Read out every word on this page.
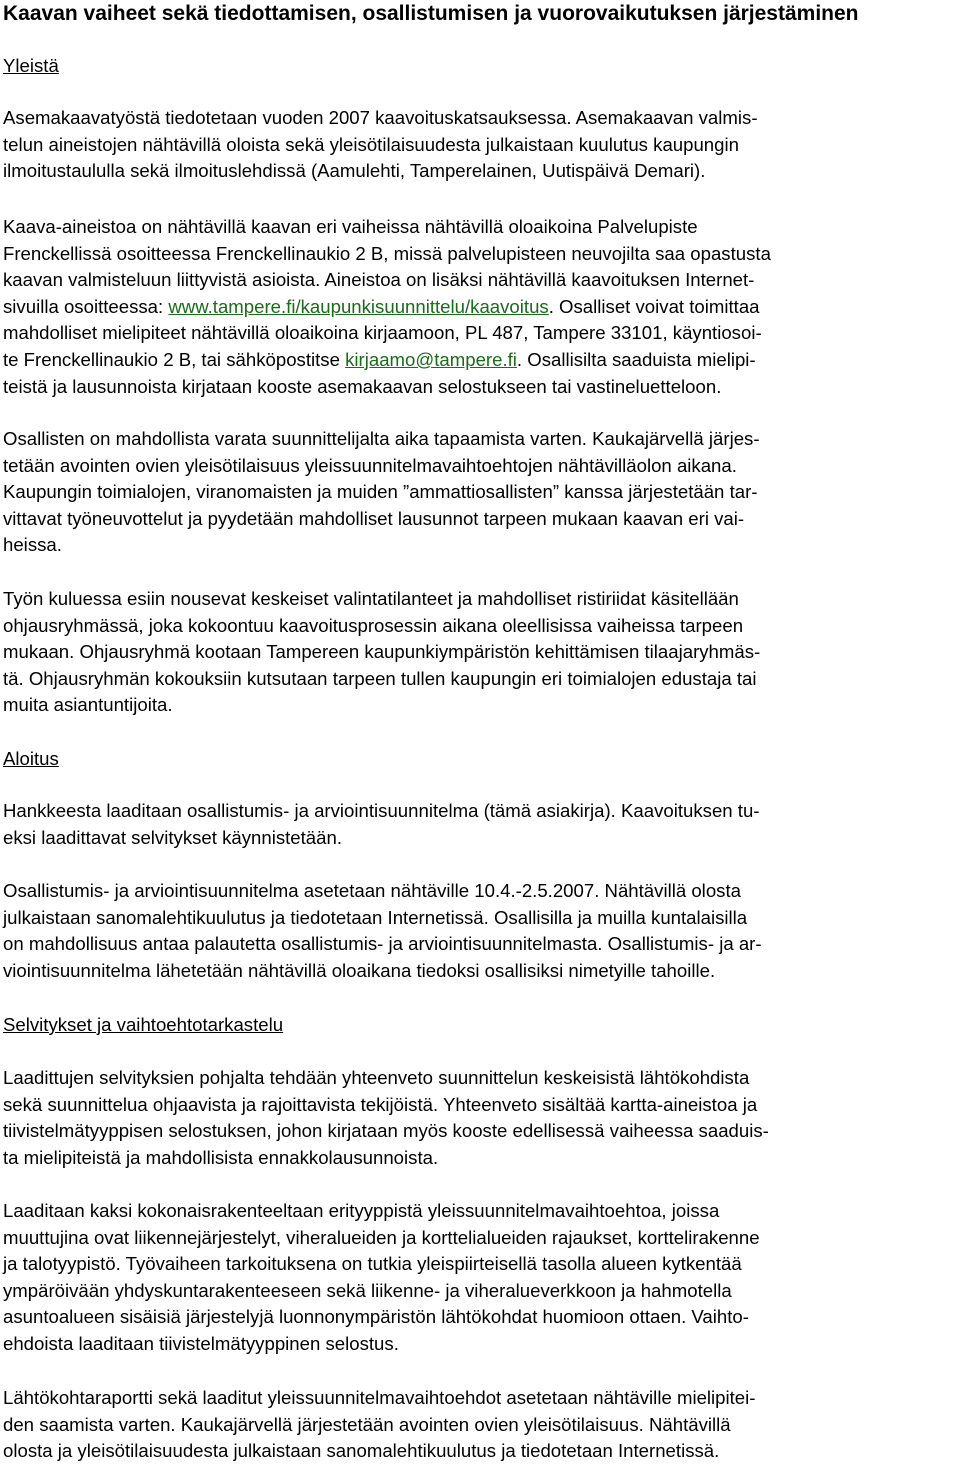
Kaavan vaiheet sekä tiedottamisen, osallistumisen ja vuorovaikutuksen järjestäminen
Yleistä
Asemakaavatyöstä tiedotetaan vuoden 2007 kaavoituskatsauksessa. Asemakaavan valmis-
telun aineistojen nähtävillä oloista sekä yleisötilaisuudesta julkaistaan kuulutus kaupungin
ilmoitustaululla sekä ilmoituslehdissä (Aamulehti, Tamperelainen, Uutispäivä Demari).
Kaava-aineistoa on nähtävillä kaavan eri vaiheissa nähtävillä oloaikoina Palvelupiste
Frenckellissä osoitteessa Frenckellinaukio 2 B, missä palvelupisteen neuvojilta saa opastusta
kaavan valmisteluun liittyvistä asioista. Aineistoa on lisäksi nähtävillä kaavoituksen Internet-
sivuilla osoitteessa: www.tampere.fi/kaupunkisuunnittelu/kaavoitus. Osalliset voivat toimittaa
mahdolliset mielipiteet nähtävillä oloaikoina kirjaamoon, PL 487, Tampere 33101, käyntiosoi-
te Frenckellinaukio 2 B, tai sähköpostitse kirjaamo@tampere.fi. Osallisilta saaduista mielipi-
teistä ja lausunnoista kirjataan kooste asemakaavan selostukseen tai vastineluetteloon.
Osallisten on mahdollista varata suunnittelijalta aika tapaamista varten. Kaukajärvellä järjes-
tetään avointen ovien yleisötilaisuus yleissuunnitelmavaihtoehtojen nähtävilläolon aikana.
Kaupungin toimialojen, viranomaisten ja muiden ”ammattiosallisten” kanssa järjestetään tar-
vittavat työneuvottelut ja pyydetään mahdolliset lausunnot tarpeen mukaan kaavan eri vai-
heissa.
Työn kuluessa esiin nousevat keskeiset valintatilanteet ja mahdolliset ristiriidat käsitellään
ohjausryhmässä, joka kokoontuu kaavoitusprosessin aikana oleellisissa vaiheissa tarpeen
mukaan. Ohjausryhmä kootaan Tampereen kaupunkiympäristön kehittämisen tilaajaryhmäs-
tä. Ohjausryhmän kokouksiin kutsutaan tarpeen tullen kaupungin eri toimialojen edustaja tai
muita asiantuntijoita.
Aloitus
Hankkeesta laaditaan osallistumis- ja arviointisuunnitelma (tämä asiakirja). Kaavoituksen tu-
eksi laadittavat selvitykset käynnistetään.
Osallistumis- ja arviointisuunnitelma asetetaan nähtäville 10.4.-2.5.2007. Nähtävillä olosta
julkaistaan sanomalehtikuulutus ja tiedotetaan Internetissä. Osallisilla ja muilla kuntalaisilla
on mahdollisuus antaa palautetta osallistumis- ja arviointisuunnitelmasta. Osallistumis- ja ar-
viointisuunnitelma lähetetään nähtävillä oloaikana tiedoksi osallisiksi nimetyille tahoille.
Selvitykset ja vaihtoehtotarkastelu
Laadittujen selvityksien pohjalta tehdään yhteenveto suunnittelun keskeisistä lähtökohdista
sekä suunnittelua ohjaavista ja rajoittavista tekijöistä. Yhteenveto sisältää kartta-aineistoa ja
tiivistelmätyyppisen selostuksen, johon kirjataan myös kooste edellisessä vaiheessa saaduis-
ta mielipiteistä ja mahdollisista ennakkolausunnoista.
Laaditaan kaksi kokonaisrakenteeltaan erityyppistä yleissuunnitelmavaihtoehtoa, joissa
muuttujina ovat liikennejärjestelyt, viheralueiden ja korttelialueiden rajaukset, korttelirakenne
ja talotyypistö. Työvaiheen tarkoituksena on tutkia yleispiirteisellä tasolla alueen kytkentää
ympäröivään yhdyskuntarakenteeseen sekä liikenne- ja viheralueverkkoon ja hahmotella
asuntoalueen sisäisiä järjestelyjä luonnonympäristön lähtökohdat huomioon ottaen. Vaihto-
ehdoista laaditaan tiivistelmätyyppinen selostus.
Lähtökohtaraportti sekä laaditut yleissuunnitelmavaihtoehdot asetetaan nähtäville mielipitei-
den saamista varten. Kaukajärvellä järjestetään avointen ovien yleisötilaisuus. Nähtävillä
olosta ja yleisötilaisuudesta julkaistaan sanomalehtikuulutus ja tiedotetaan Internetissä.
